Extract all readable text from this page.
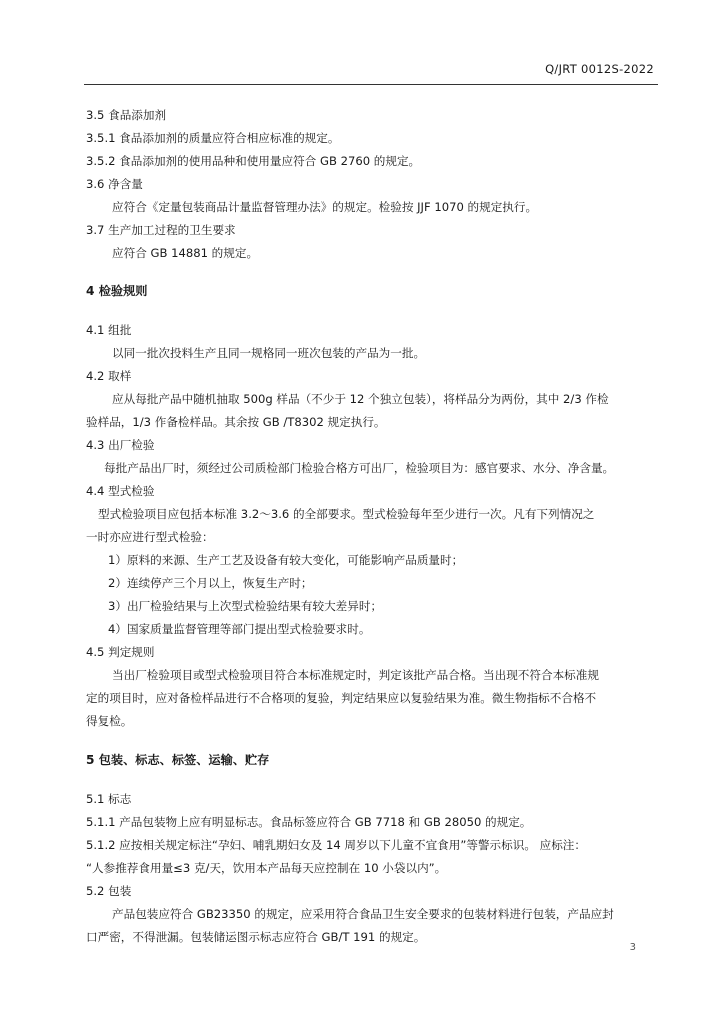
Q/JRT 0012S-2022
3.5 食品添加剂
3.5.1 食品添加剂的质量应符合相应标准的规定。
3.5.2 食品添加剂的使用品种和使用量应符合 GB 2760 的规定。
3.6 净含量
应符合《定量包装商品计量监督管理办法》的规定。检验按 JJF 1070 的规定执行。
3.7 生产加工过程的卫生要求
应符合 GB 14881 的规定。
4 检验规则
4.1 组批
以同一批次投料生产且同一规格同一班次包装的产品为一批。
4.2 取样
应从每批产品中随机抽取 500g 样品（不少于 12 个独立包装），将样品分为两份，其中 2/3 作检
验样品，1/3 作备检样品。其余按 GB /T8302 规定执行。
4.3 出厂检验
每批产品出厂时，须经过公司质检部门检验合格方可出厂，检验项目为：感官要求、水分、净含量。
4.4 型式检验
型式检验项目应包括本标准 3.2～3.6 的全部要求。型式检验每年至少进行一次。凡有下列情况之
一时亦应进行型式检验：
1）原料的来源、生产工艺及设备有较大变化，可能影响产品质量时；
2）连续停产三个月以上，恢复生产时；
3）出厂检验结果与上次型式检验结果有较大差异时；
4）国家质量监督管理等部门提出型式检验要求时。
4.5 判定规则
当出厂检验项目或型式检验项目符合本标准规定时，判定该批产品合格。当出现不符合本标准规
定的项目时，应对备检样品进行不合格项的复验，判定结果应以复验结果为准。微生物指标不合格不
得复检。
5 包装、标志、标签、运输、贮存
5.1 标志
5.1.1 产品包装物上应有明显标志。食品标签应符合 GB 7718 和 GB 28050 的规定。
5.1.2 应按相关规定标注“孕妇、哺乳期妇女及 14 周岁以下儿童不宜食用”等警示标识。 应标注：
“人参推荐食用量≤3 克/天，饮用本产品每天应控制在 10 小袋以内”。
5.2 包装
产品包装应符合 GB23350 的规定，应采用符合食品卫生安全要求的包装材料进行包装，产品应封
口严密，不得泄漏。包装储运图示标志应符合 GB/T 191 的规定。
3
